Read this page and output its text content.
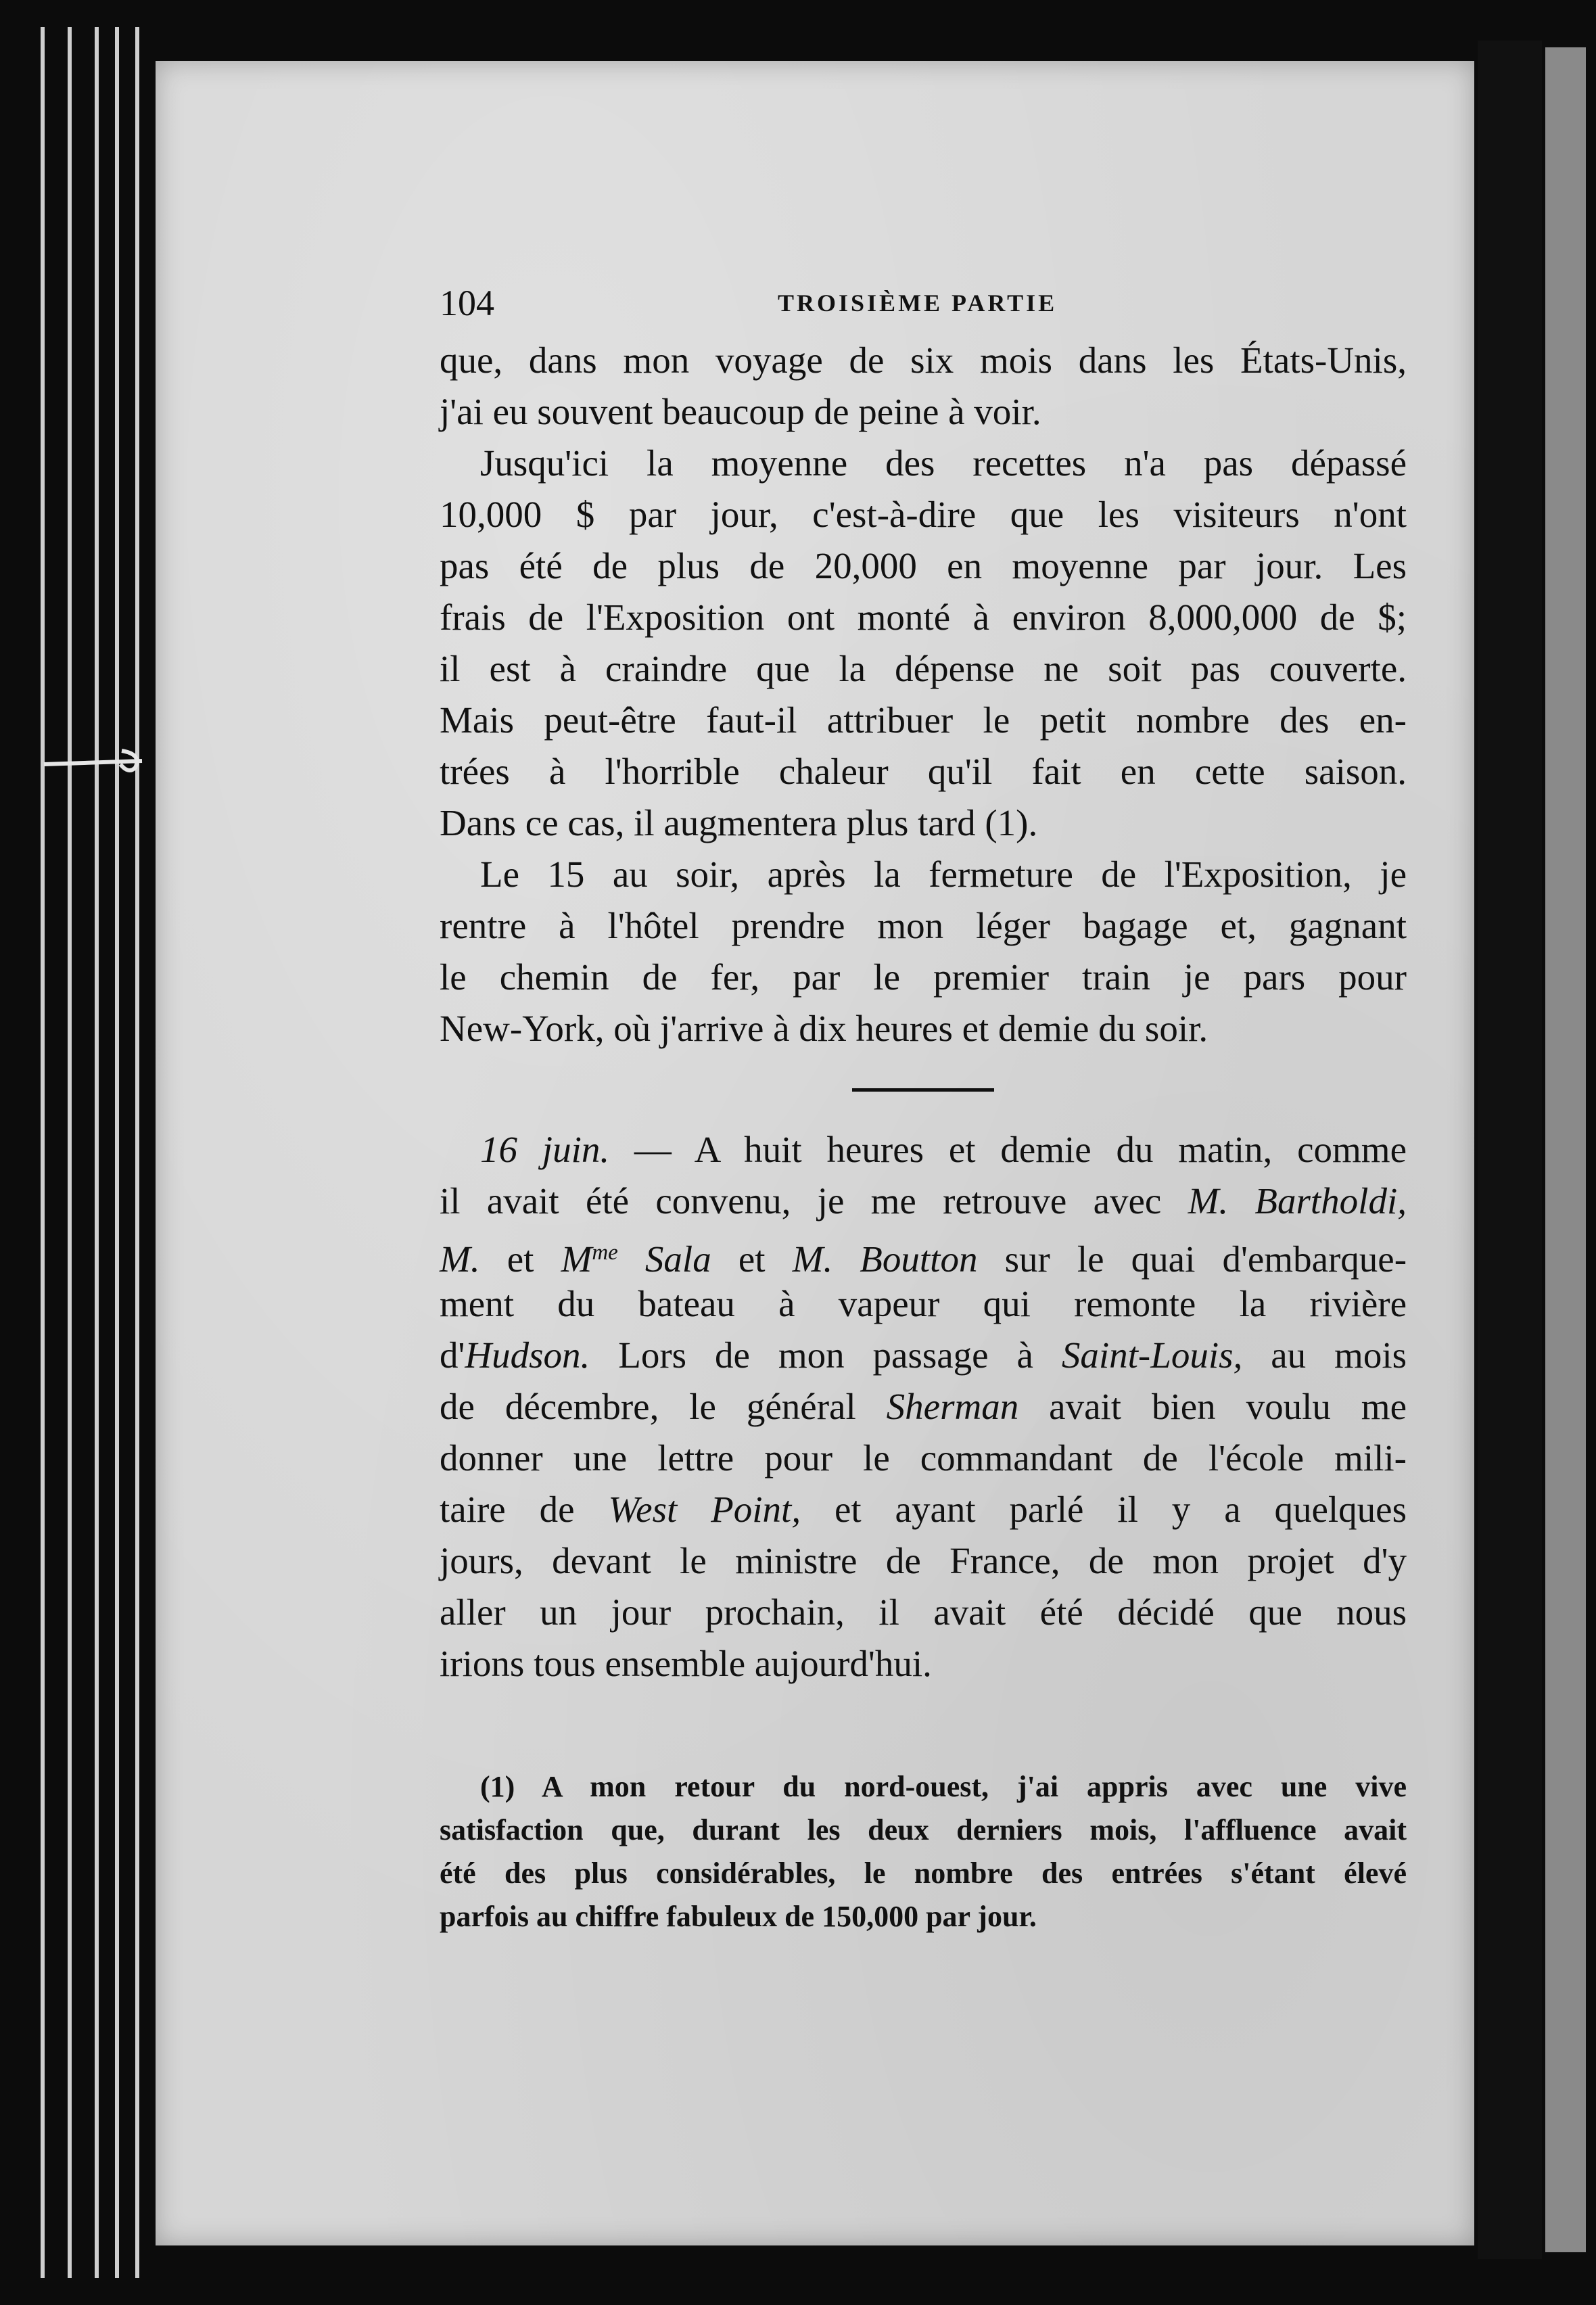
104	TROISIÈME PARTIE
que, dans mon voyage de six mois dans les États-Unis,
j'ai eu souvent beaucoup de peine à voir.
Jusqu'ici la moyenne des recettes n'a pas dépassé
10,000 $ par jour, c'est-à-dire que les visiteurs n'ont
pas été de plus de 20,000 en moyenne par jour. Les
frais de l'Exposition ont monté à environ 8,000,000 de $;
il est à craindre que la dépense ne soit pas couverte.
Mais peut-être faut-il attribuer le petit nombre des en-
trées à l'horrible chaleur qu'il fait en cette saison.
Dans ce cas, il augmentera plus tard (1).
Le 15 au soir, après la fermeture de l'Exposition, je
rentre à l'hôtel prendre mon léger bagage et, gagnant
le chemin de fer, par le premier train je pars pour
New-York, où j'arrive à dix heures et demie du soir.
16 juin. — A huit heures et demie du matin, comme
il avait été convenu, je me retrouve avec M. Bartholdi,
M. et $M^{me}$ Sala et M. Boutton sur le quai d'embarque-
ment du bateau à vapeur qui remonte la rivière
d'Hudson. Lors de mon passage à Saint-Louis, au mois
de décembre, le général Sherman avait bien voulu me
donner une lettre pour le commandant de l'école mili-
taire de West Point, et ayant parlé il y a quelques
jours, devant le ministre de France, de mon projet d'y
aller un jour prochain, il avait été décidé que nous
irions tous ensemble aujourd'hui.
(1) A mon retour du nord-ouest, j'ai appris avec une vive
satisfaction que, durant les deux derniers mois, l'affluence avait
été des plus considérables, le nombre des entrées s'étant élevé
parfois au chiffre fabuleux de 150,000 par jour.
